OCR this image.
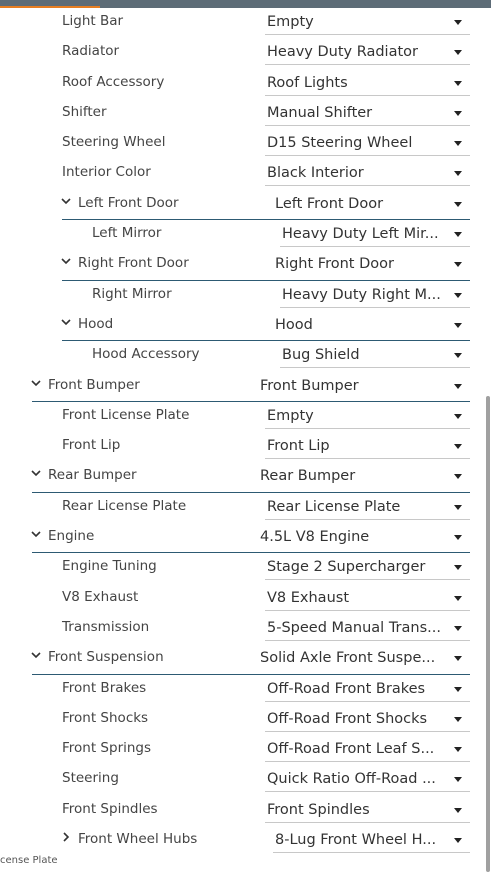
Light Bar	Empty
Radiator	Heavy Duty Radiator
Roof Accessory	Roof Lights
Shifter	Manual Shifter
Steering Wheel	D15 Steering Wheel
Interior Color	Black Interior
Left Front Door	Left Front Door
Left Mirror	Heavy Duty Left Mir...
Right Front Door	Right Front Door
Right Mirror	Heavy Duty Right M...
Hood	Hood
Hood Accessory	Bug Shield
Front Bumper	Front Bumper
Front License Plate	Empty
Front Lip	Front Lip
Rear Bumper	Rear Bumper
Rear License Plate	Rear License Plate
Engine	4.5L V8 Engine
Engine Tuning	Stage 2 Supercharger
V8 Exhaust	V8 Exhaust
Transmission	5-Speed Manual Trans...
Front Suspension	Solid Axle Front Suspe...
Front Brakes	Off-Road Front Brakes
Front Shocks	Off-Road Front Shocks
Front Springs	Off-Road Front Leaf S...
Steering	Quick Ratio Off-Road ...
Front Spindles	Front Spindles
Front Wheel Hubs	8-Lug Front Wheel H...
cense Plate
